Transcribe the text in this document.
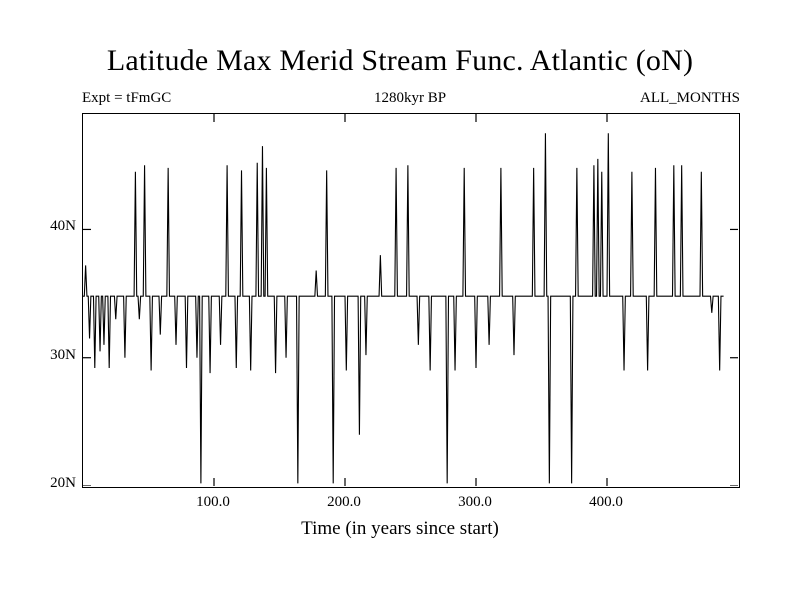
Latitude Max Merid Stream Func. Atlantic (oN)
Expt = tFmGC	1280kyr BP	ALL_MONTHS
20N
30N
40N
100.0	200.0	300.0	400.0
Time (in years since start)
